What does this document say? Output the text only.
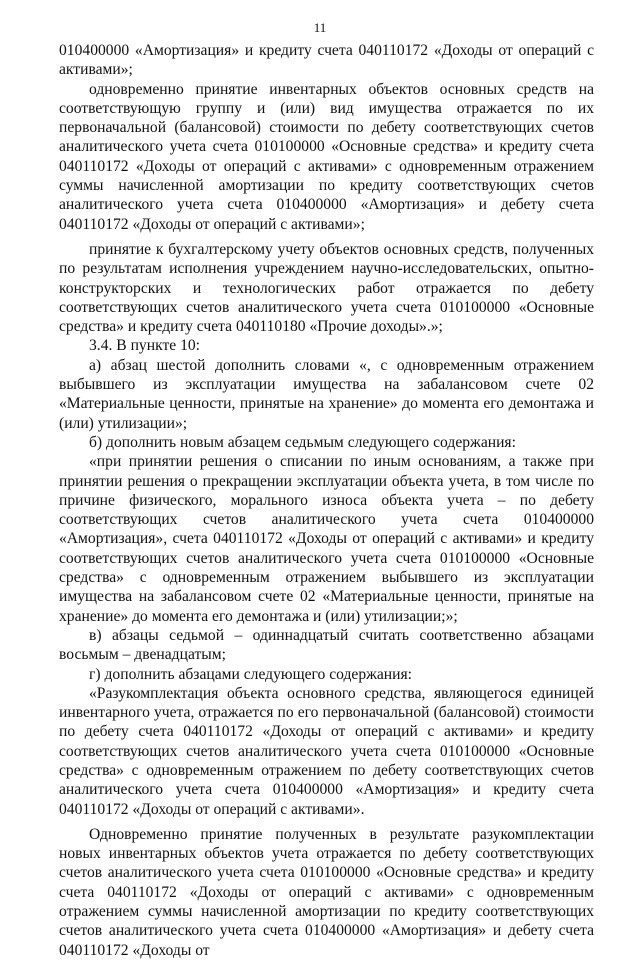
11

010400000 «Амортизация» и кредиту счета 040110172 «Доходы от операций с активами»;

одновременно принятие инвентарных объектов основных средств на соответствующую группу и (или) вид имущества отражается по их первоначальной (балансовой) стоимости по дебету соответствующих счетов аналитического учета счета 010100000 «Основные средства» и кредиту счета 040110172 «Доходы от операций с активами» с одновременным отражением суммы начисленной амортизации по кредиту соответствующих счетов аналитического учета счета 010400000 «Амортизация» и дебету счета 040110172 «Доходы от операций с активами»;

принятие к бухгалтерскому учету объектов основных средств, полученных по результатам исполнения учреждением научно-исследовательских, опытно-конструкторских и технологических работ отражается по дебету соответствующих счетов аналитического учета счета 010100000 «Основные средства» и кредиту счета 040110180 «Прочие доходы».»;

3.4. В пункте 10:

а) абзац шестой дополнить словами «, с одновременным отражением выбывшего из эксплуатации имущества на забалансовом счете 02 «Материальные ценности, принятые на хранение» до момента его демонтажа и (или) утилизации»;

б) дополнить новым абзацем седьмым следующего содержания:

«при принятии решения о списании по иным основаниям, а также при принятии решения о прекращении эксплуатации объекта учета, в том числе по причине физического, морального износа объекта учета – по дебету соответствующих счетов аналитического учета счета 010400000 «Амортизация», счета 040110172 «Доходы от операций с активами» и кредиту соответствующих счетов аналитического учета счета 010100000 «Основные средства» с одновременным отражением выбывшего из эксплуатации имущества на забалансовом счете 02 «Материальные ценности, принятые на хранение» до момента его демонтажа и (или) утилизации;»;

в) абзацы седьмой – одиннадцатый считать соответственно абзацами восьмым – двенадцатым;

г) дополнить абзацами следующего содержания:

«Разукомплектация объекта основного средства, являющегося единицей инвентарного учета, отражается по его первоначальной (балансовой) стоимости по дебету счета 040110172 «Доходы от операций с активами» и кредиту соответствующих счетов аналитического учета счета 010100000 «Основные средства» с одновременным отражением по дебету соответствующих счетов аналитического учета счета 010400000 «Амортизация» и кредиту счета 040110172 «Доходы от операций с активами».

Одновременно принятие полученных в результате разукомплектации новых инвентарных объектов учета отражается по дебету соответствующих счетов аналитического учета счета 010100000 «Основные средства» и кредиту счета 040110172 «Доходы от операций с активами» с одновременным отражением суммы начисленной амортизации по кредиту соответствующих счетов аналитического учета счета 010400000 «Амортизация» и дебету счета 040110172 «Доходы от
